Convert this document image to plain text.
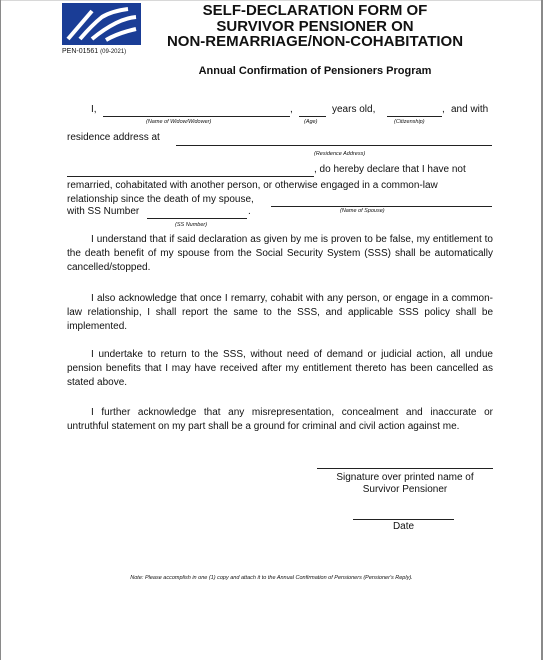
PEN-01561 (09-2021)
SELF-DECLARATION FORM OF
SURVIVOR PENSIONER ON
NON-REMARRIAGE/NON-COHABITATION
Annual Confirmation of Pensioners Program
I,	,	years old,	, and with
(Name of Widow/Widower)	(Age)	(Citizenship)
residence address at
(Residence Address)
, do hereby declare that I have not
remarried, cohabitated with another person, or otherwise engaged in a common-law
relationship since the death of my spouse,
with SS Number	.	(Name of Spouse)
(SS Number)
I understand that if said declaration as given by me is proven to be false, my entitlement to the death benefit of my spouse from the Social Security System (SSS) shall be automatically cancelled/stopped.
I also acknowledge that once I remarry, cohabit with any person, or engage in a common-law relationship, I shall report the same to the SSS, and applicable SSS policy shall be implemented.
I undertake to return to the SSS, without need of demand or judicial action, all undue pension benefits that I may have received after my entitlement thereto has been cancelled as stated above.
I further acknowledge that any misrepresentation, concealment and inaccurate or untruthful statement on my part shall be a ground for criminal and civil action against me.
Signature over printed name of
Survivor Pensioner
Date
Note: Please accomplish in one (1) copy and attach it to the Annual Confirmation of Pensioners (Pensioner's Reply).
